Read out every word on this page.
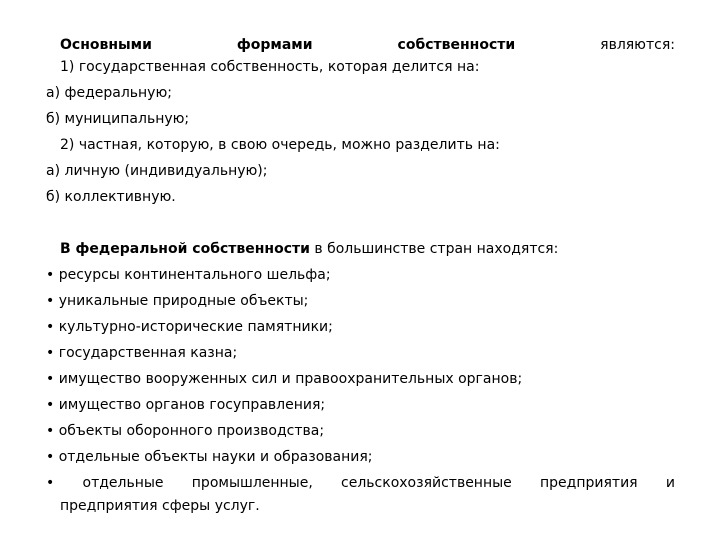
Основными	формами	собственности	являются:
1) государственная собственность, которая делится на:
а) федеральную;
б) муниципальную;
2) частная, которую, в свою очередь, можно разделить на:
а) личную (индивидуальную);
б) коллективную.
В федеральной собственности в большинстве стран находятся:
• ресурсы континентального шельфа;
• уникальные природные объекты;
• культурно-исторические памятники;
• государственная казна;
• имущество вооруженных сил и правоохранительных органов;
• имущество органов госуправления;
• объекты оборонного производства;
• отдельные объекты науки и образования;
• отдельные промышленные, сельскохозяйственные предприятия и
предприятия сферы услуг.
